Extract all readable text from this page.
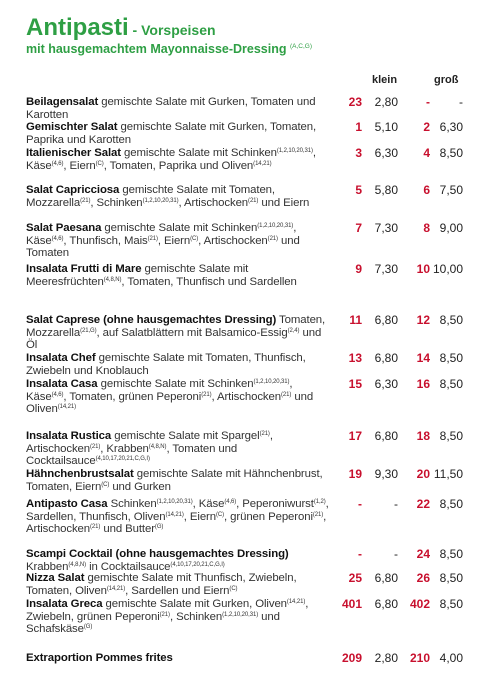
Antipasti - Vorspeisen
mit hausgemachtem Mayonnaisse-Dressing $^{(A,C,G)}$
klein	groß
Beilagensalat gemischte Salate mit Gurken, Tomaten und Karotten
23	2,80	-	-
Gemischter Salat gemischte Salate mit Gurken, Tomaten, Paprika und Karotten
1	5,10	2 6,30
Italienischer Salat gemischte Salate mit Schinken$^{(1,2,10,20,31)}$, Käse$^{(4,6)}$, Eiern$^{(C)}$, Tomaten, Paprika und Oliven$^{(14,21)}$
3	6,30	4 8,50
Salat Capricciosa gemischte Salate mit Tomaten, Mozzarella$^{(21)}$, Schinken$^{(1,2,10,20,31)}$, Artischocken$^{(21)}$ und Eiern
5	5,80	6 7,50
Salat Paesana gemischte Salate mit Schinken$^{(1,2,10,20,31)}$, Käse$^{(4,6)}$, Thunfisch, Mais$^{(21)}$, Eiern$^{(C)}$, Artischocken$^{(21)}$ und Tomaten
7	7,30	8 9,00
Insalata Frutti di Mare gemischte Salate mit Meeresfrüchten$^{(4,8,N)}$, Tomaten, Thunfisch und Sardellen
9	7,30	10 10,00
Salat Caprese (ohne hausgemachtes Dressing) Tomaten, Mozzarella$^{(21,G)}$, auf Salatblättern mit Balsamico-Essig$^{(2,4)}$ und Öl
11	6,80	12 8,50
Insalata Chef gemischte Salate mit Tomaten, Thunfisch, Zwiebeln und Knoblauch
13	6,80	14 8,50
Insalata Casa gemischte Salate mit Schinken$^{(1,2,10,20,31)}$, Käse$^{(4,6)}$, Tomaten, grünen Peperoni$^{(21)}$, Artischocken$^{(21)}$ und Oliven$^{(14,21)}$
15	6,30	16 8,50
Insalata Rustica gemischte Salate mit Spargel$^{(21)}$, Artischocken$^{(21)}$, Krabben$^{(4,8,N)}$, Tomaten und Cocktailsauce$^{(4,10,17,20,21,C,G,I)}$
17	6,80	18 8,50
Hähnchenbrustsalat gemischte Salate mit Hähnchenbrust, Tomaten, Eiern$^{(C)}$ und Gurken
19	9,30	20 11,50
Antipasto Casa Schinken$^{(1,2,10,20,31)}$, Käse$^{(4,6)}$, Peperoniwurst$^{(1,2)}$, Sardellen, Thunfisch, Oliven$^{(14,21)}$, Eiern$^{(C)}$, grünen Peperoni$^{(21)}$, Artischocken$^{(21)}$ und Butter$^{(G)}$
-	-	22 8,50
Scampi Cocktail (ohne hausgemachtes Dressing) Krabben$^{(4,8,N)}$ in Cocktailsauce$^{(4,10,17,20,21,C,G,I)}$
-	-	24 8,50
Nizza Salat gemischte Salate mit Thunfisch, Zwiebeln, Tomaten, Oliven$^{(14,21)}$, Sardellen und Eiern$^{(C)}$
25	6,80	26 8,50
Insalata Greca gemischte Salate mit Gurken, Oliven$^{(14,21)}$, Zwiebeln, grünen Peperoni$^{(21)}$, Schinken$^{(1,2,10,20,31)}$ und Schafskäse$^{(G)}$
401	6,80 402 8,50
Extraportion Pommes frites	209	2,80 210 4,00
